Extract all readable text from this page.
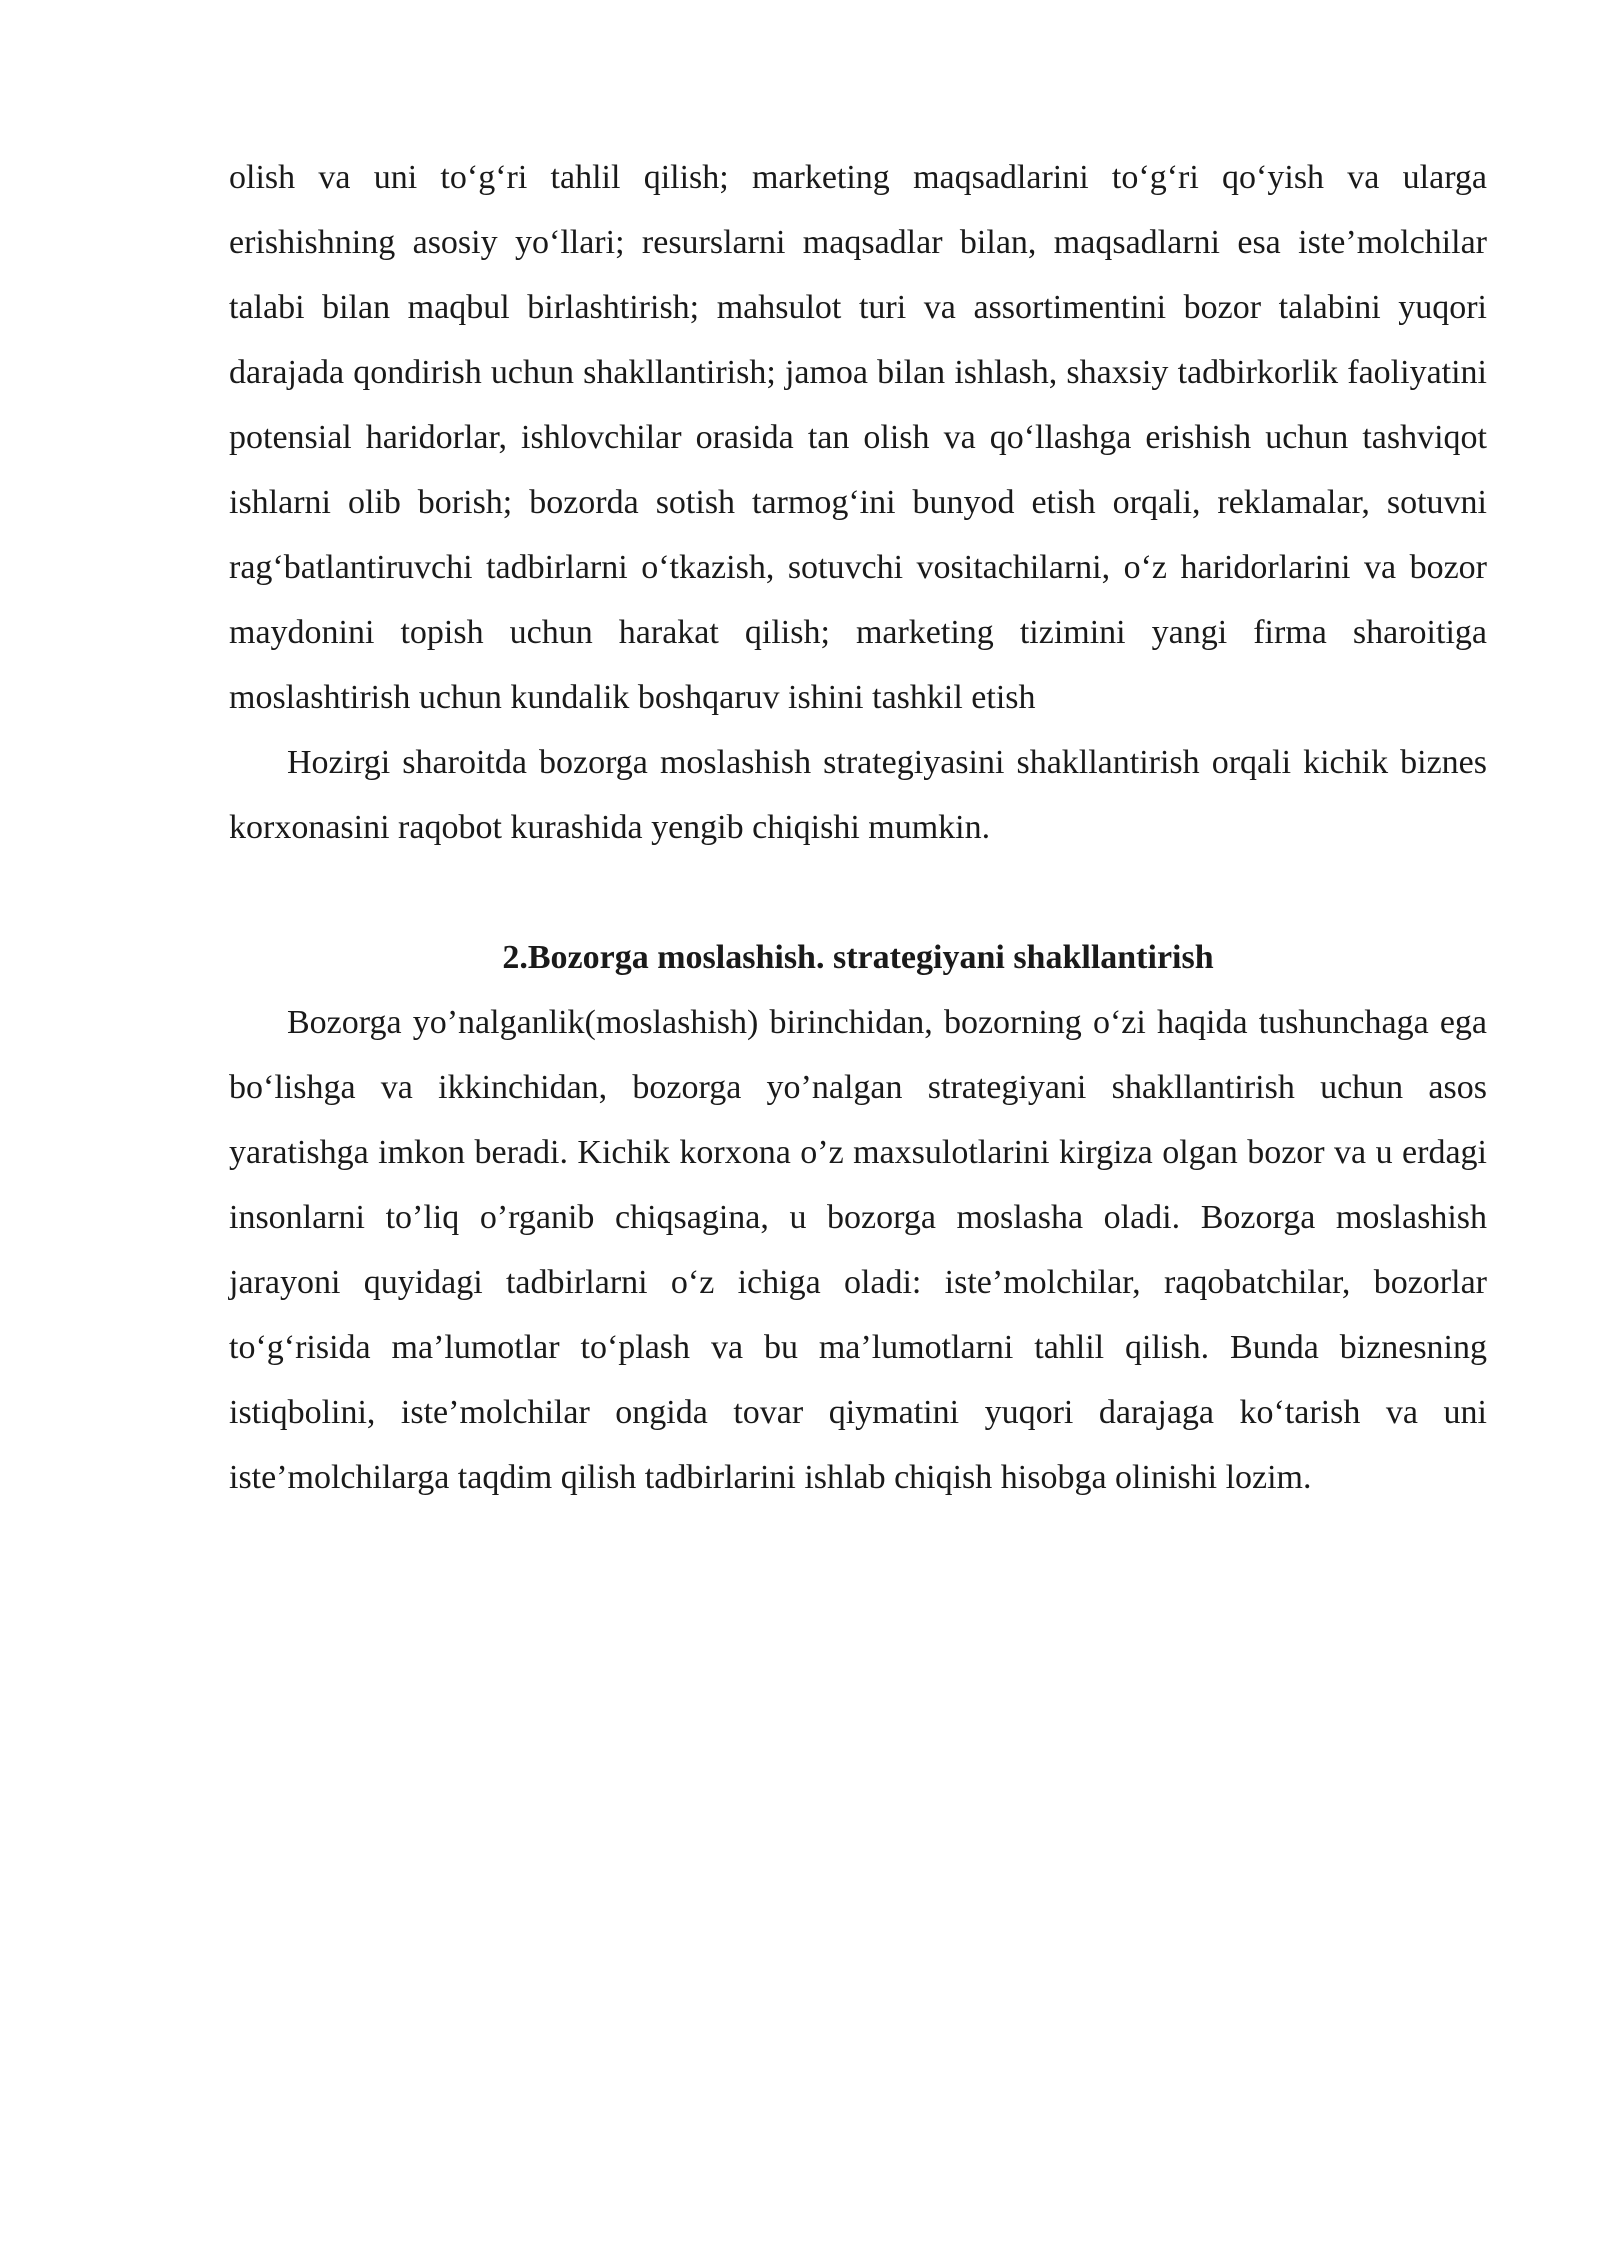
olish va uni to‘g‘ri tahlil qilish; marketing maqsadlarini to‘g‘ri qo‘yish va ularga erishishning asosiy yo‘llari; resurslarni maqsadlar bilan, maqsadlarni esa iste’molchilar talabi bilan maqbul birlashtirish; mahsulot turi va assortimentini bozor talabini yuqori darajada qondirish uchun shakllantirish; jamoa bilan ishlash, shaxsiy tadbirkorlik faoliyatini potensial haridorlar, ishlovchilar orasida tan olish va qo‘llashga erishish uchun tashviqot ishlarni olib borish; bozorda sotish tarmog‘ini bunyod etish orqali, reklamalar, sotuvni rag‘batlantiruvchi tadbirlarni o‘tkazish, sotuvchi vositachilarni, o‘z haridorlarini va bozor maydonini topish uchun harakat qilish; marketing tizimini yangi firma sharoitiga moslashtirish uchun kundalik boshqaruv ishini tashkil etish

Hozirgi sharoitda bozorga moslashish strategiyasini shakllantirish orqali kichik biznes korxonasini raqobot kurashida yengib chiqishi mumkin.

2.Bozorga moslashish. strategiyani shakllantirish

Bozorga yo’nalganlik(moslashish) birinchidan, bozorning o‘zi haqida tushunchaga ega bo‘lishga va ikkinchidan, bozorga yo’nalgan strategiyani shakllantirish uchun asos yaratishga imkon beradi. Kichik korxona o’z maxsulotlarini kirgiza olgan bozor va u erdagi insonlarni to’liq o’rganib chiqsagina, u bozorga moslasha oladi. Bozorga moslashish jarayoni quyidagi tadbirlarni o‘z ichiga oladi: iste’molchilar, raqobatchilar, bozorlar to‘g‘risida ma’lumotlar to‘plash va bu ma’lumotlarni tahlil qilish. Bunda biznesning istiqbolini, iste’molchilar ongida tovar qiymatini yuqori darajaga ko‘tarish va uni iste’molchilarga taqdim qilish tadbirlarini ishlab chiqish hisobga olinishi lozim.
